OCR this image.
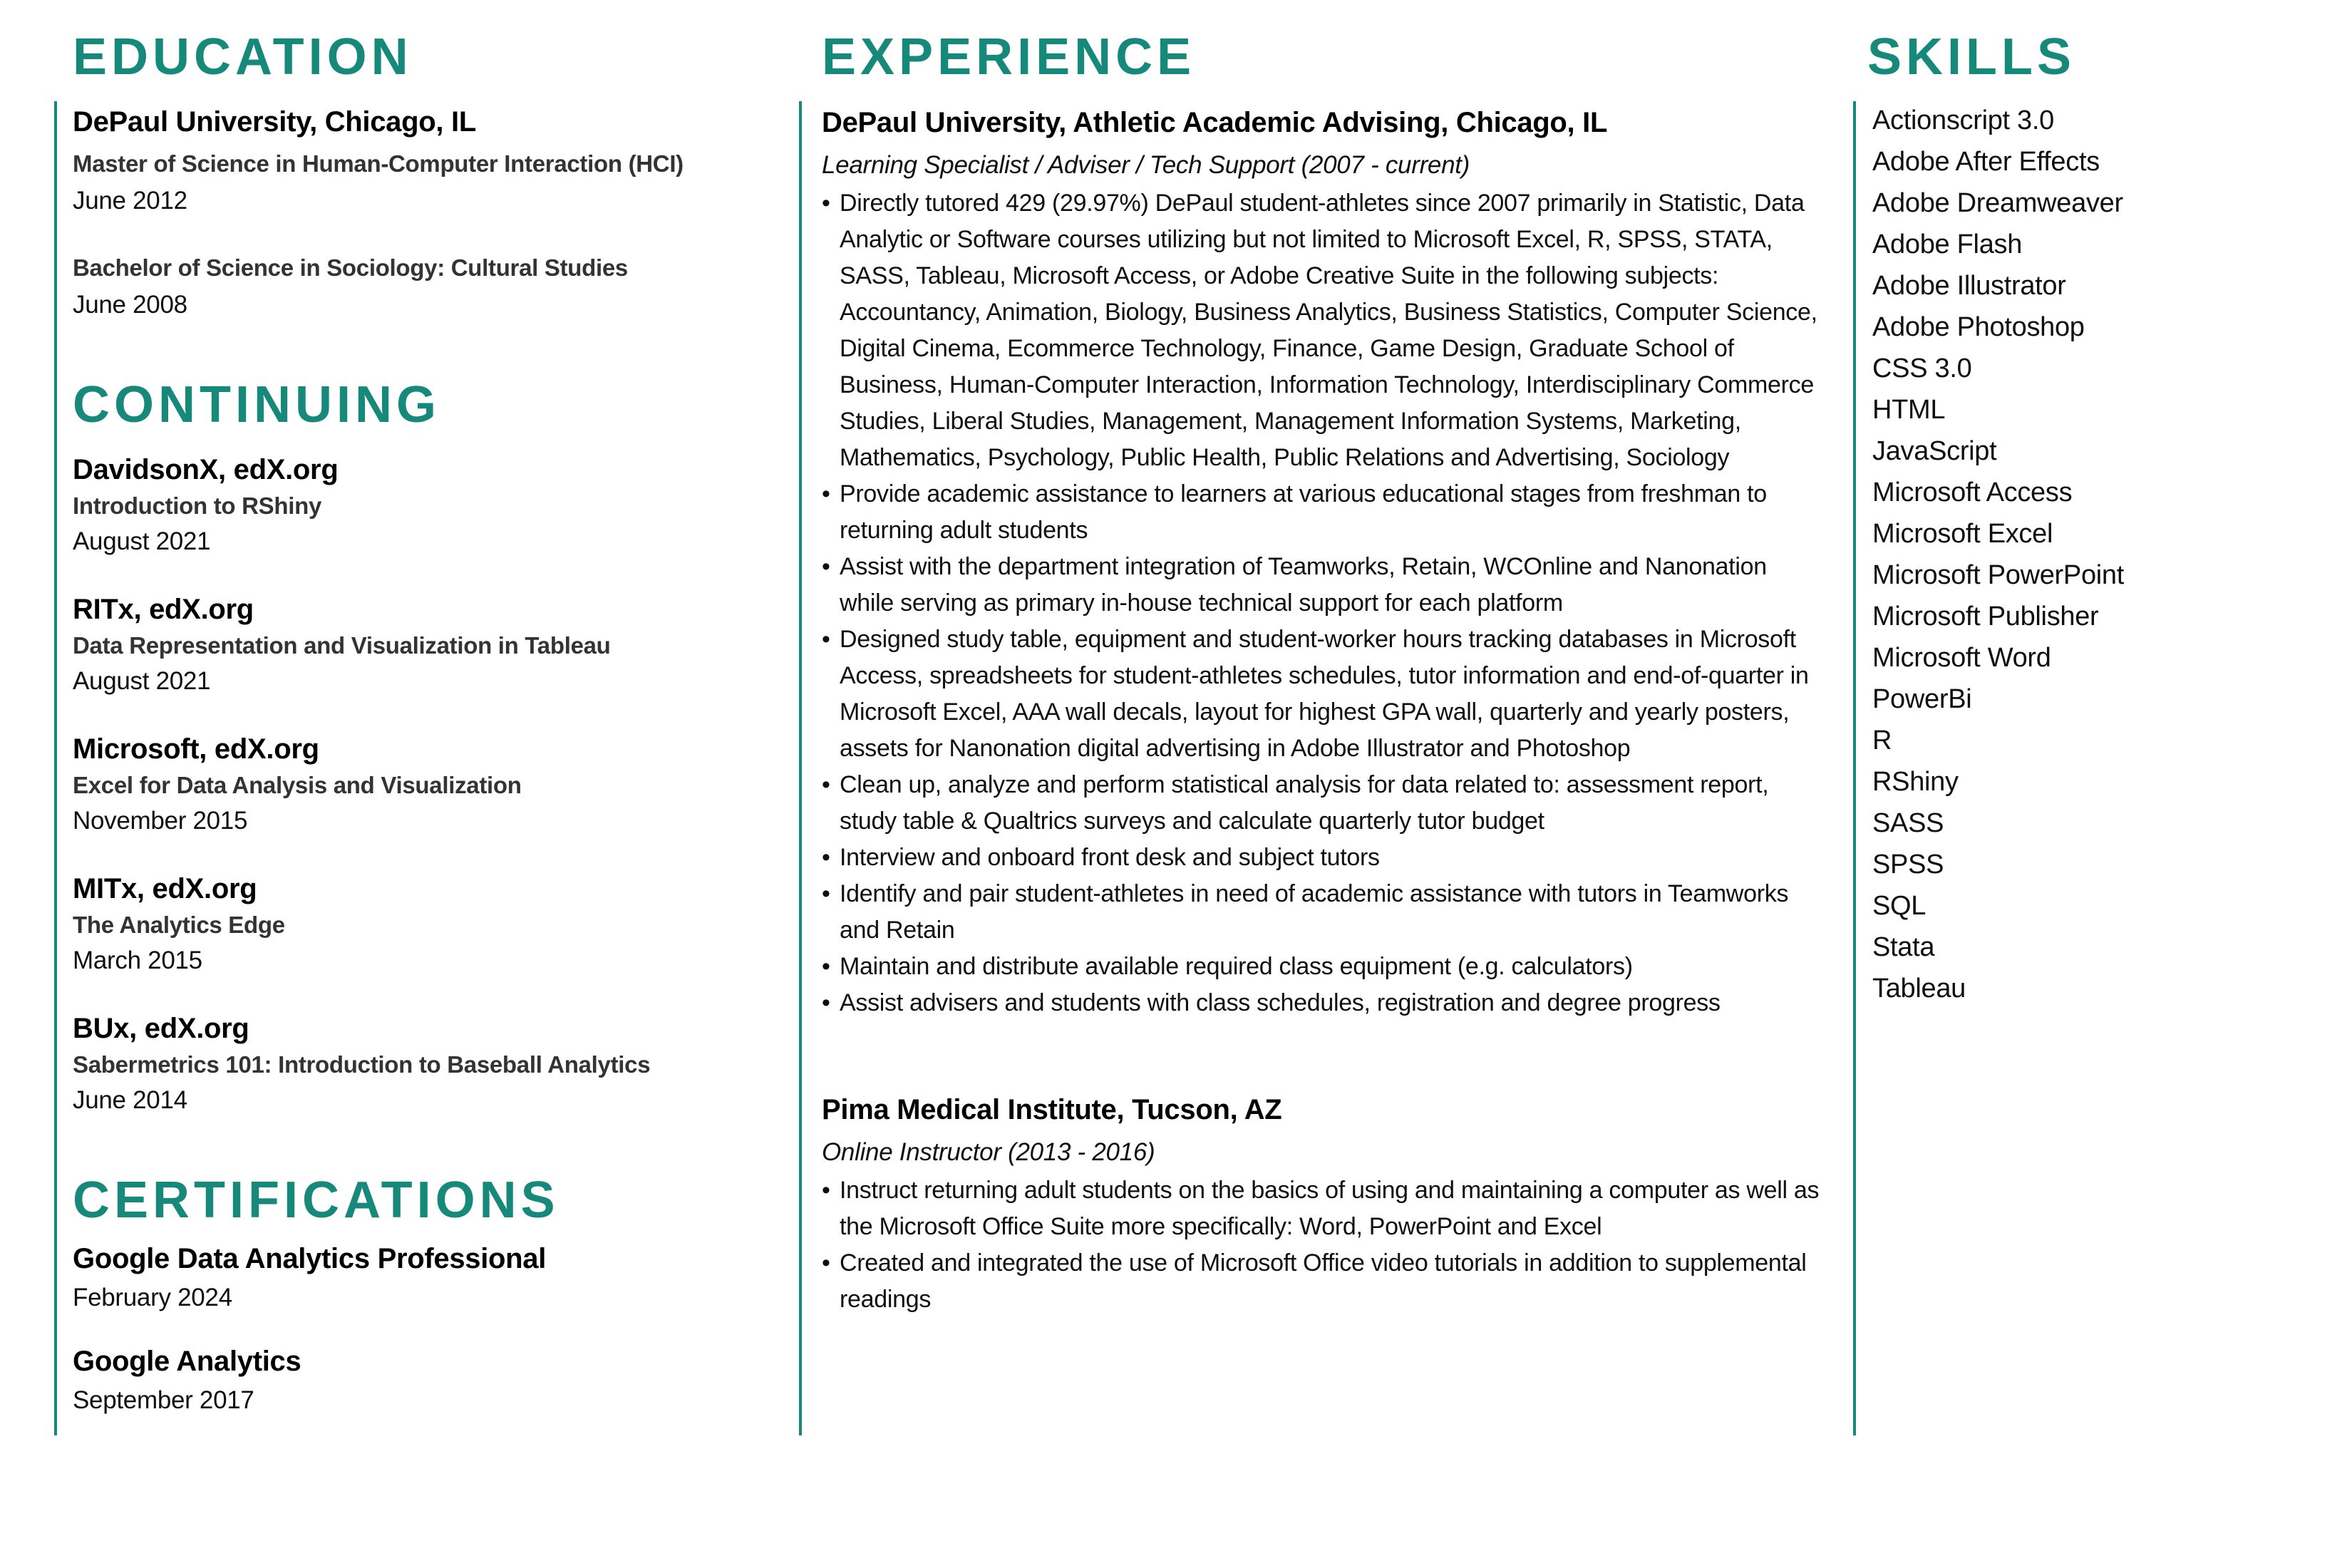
EDUCATION
DePaul University, Chicago, IL
Master of Science in Human-Computer Interaction (HCI)
June 2012
Bachelor of Science in Sociology: Cultural Studies
June 2008
CONTINUING
DavidsonX, edX.org
Introduction to RShiny
August 2021
RITx, edX.org
Data Representation and Visualization in Tableau
August 2021
Microsoft, edX.org
Excel for Data Analysis and Visualization
November 2015
MITx, edX.org
The Analytics Edge
March 2015
BUx, edX.org
Sabermetrics 101: Introduction to Baseball Analytics
June 2014
CERTIFICATIONS
Google Data Analytics Professional
February 2024
Google Analytics
September 2017
EXPERIENCE
DePaul University, Athletic Academic Advising, Chicago, IL
Learning Specialist / Adviser / Tech Support (2007 - current)
• Directly tutored 429 (29.97%) DePaul student-athletes since 2007 primarily in Statistic, Data Analytic or Software courses utilizing but not limited to Microsoft Excel, R, SPSS, STATA, SASS, Tableau, Microsoft Access, or Adobe Creative Suite in the following subjects: Accountancy, Animation, Biology, Business Analytics, Business Statistics, Computer Science, Digital Cinema, Ecommerce Technology, Finance, Game Design, Graduate School of Business, Human-Computer Interaction, Information Technology, Interdisciplinary Commerce Studies, Liberal Studies, Management, Management Information Systems, Marketing, Mathematics, Psychology, Public Health, Public Relations and Advertising, Sociology
• Provide academic assistance to learners at various educational stages from freshman to returning adult students
• Assist with the department integration of Teamworks, Retain, WCOnline and Nanonation while serving as primary in-house technical support for each platform
• Designed study table, equipment and student-worker hours tracking databases in Microsoft Access, spreadsheets for student-athletes schedules, tutor information and end-of-quarter in Microsoft Excel, AAA wall decals, layout for highest GPA wall, quarterly and yearly posters, assets for Nanonation digital advertising in Adobe Illustrator and Photoshop
• Clean up, analyze and perform statistical analysis for data related to: assessment report, study table & Qualtrics surveys and calculate quarterly tutor budget
• Interview and onboard front desk and subject tutors
• Identify and pair student-athletes in need of academic assistance with tutors in Teamworks and Retain
• Maintain and distribute available required class equipment (e.g. calculators)
• Assist advisers and students with class schedules, registration and degree progress
Pima Medical Institute, Tucson, AZ
Online Instructor (2013 - 2016)
• Instruct returning adult students on the basics of using and maintaining a computer as well as the Microsoft Office Suite more specifically: Word, PowerPoint and Excel
• Created and integrated the use of Microsoft Office video tutorials in addition to supplemental readings
SKILLS
Actionscript 3.0
Adobe After Effects
Adobe Dreamweaver
Adobe Flash
Adobe Illustrator
Adobe Photoshop
CSS 3.0
HTML
JavaScript
Microsoft Access
Microsoft Excel
Microsoft PowerPoint
Microsoft Publisher
Microsoft Word
PowerBi
R
RShiny
SASS
SPSS
SQL
Stata
Tableau
